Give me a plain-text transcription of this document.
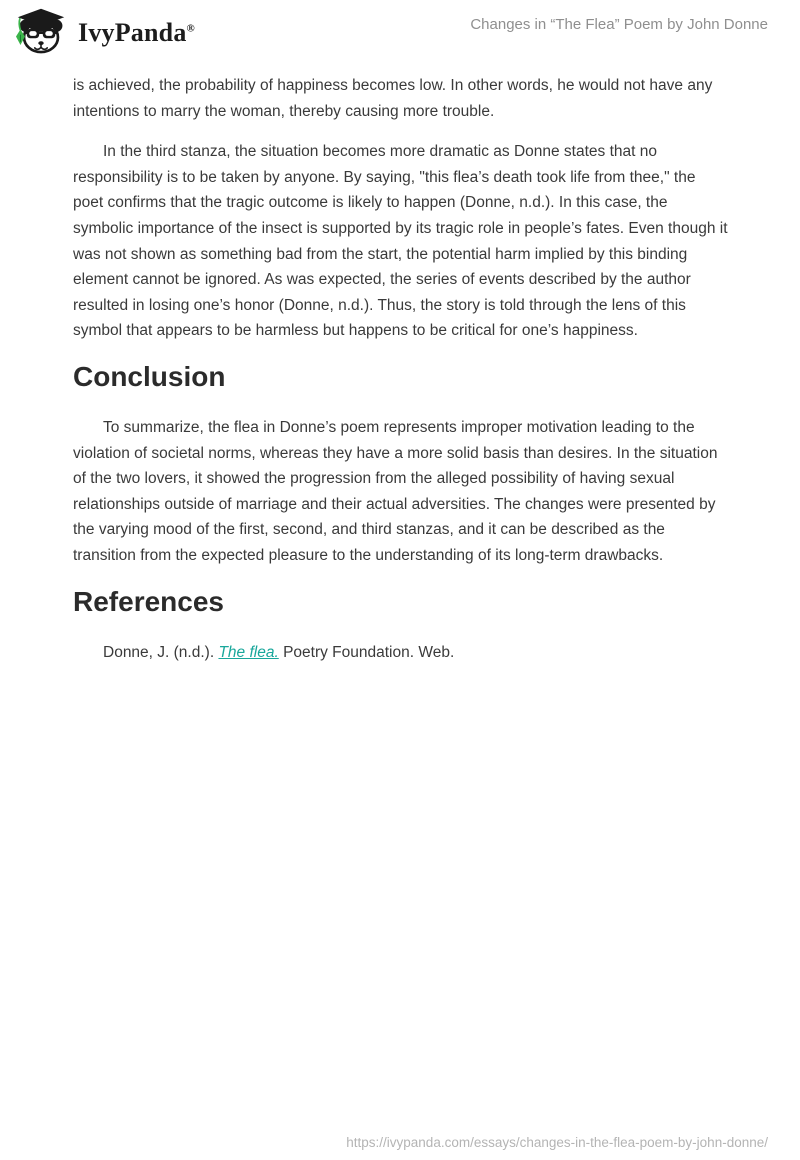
IvyPanda®	Changes in “The Flea” Poem by John Donne

is achieved, the probability of happiness becomes low. In other words, he would not have any intentions to marry the woman, thereby causing more trouble.

In the third stanza, the situation becomes more dramatic as Donne states that no responsibility is to be taken by anyone. By saying, "this flea’s death took life from thee," the poet confirms that the tragic outcome is likely to happen (Donne, n.d.). In this case, the symbolic importance of the insect is supported by its tragic role in people’s fates. Even though it was not shown as something bad from the start, the potential harm implied by this binding element cannot be ignored. As was expected, the series of events described by the author resulted in losing one’s honor (Donne, n.d.). Thus, the story is told through the lens of this symbol that appears to be harmless but happens to be critical for one’s happiness.

Conclusion

To summarize, the flea in Donne’s poem represents improper motivation leading to the violation of societal norms, whereas they have a more solid basis than desires. In the situation of the two lovers, it showed the progression from the alleged possibility of having sexual relationships outside of marriage and their actual adversities. The changes were presented by the varying mood of the first, second, and third stanzas, and it can be described as the transition from the expected pleasure to the understanding of its long-term drawbacks.

References

Donne, J. (n.d.). The flea. Poetry Foundation. Web.

https://ivypanda.com/essays/changes-in-the-flea-poem-by-john-donne/
